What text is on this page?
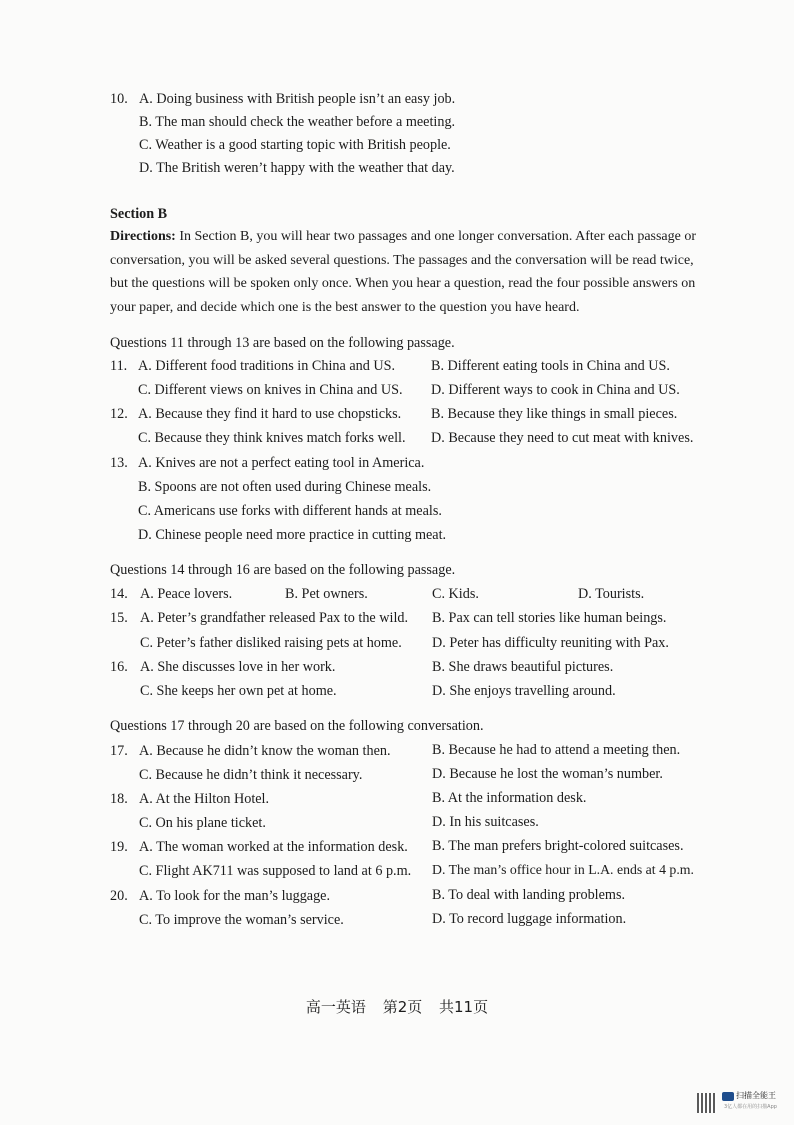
10. A. Doing business with British people isn’t an easy job.
B. The man should check the weather before a meeting.
C. Weather is a good starting topic with British people.
D. The British weren’t happy with the weather that day.
Section B
Directions: In Section B, you will hear two passages and one longer conversation. After each passage or conversation, you will be asked several questions. The passages and the conversation will be read twice, but the questions will be spoken only once. When you hear a question, read the four possible answers on your paper, and decide which one is the best answer to the question you have heard.
Questions 11 through 13 are based on the following passage.
11. A. Different food traditions in China and US.	B. Different eating tools in China and US.
C. Different views on knives in China and US. D. Different ways to cook in China and US.
12. A. Because they find it hard to use chopsticks. B. Because they like things in small pieces.
C. Because they think knives match forks well. D. Because they need to cut meat with knives.
13. A. Knives are not a perfect eating tool in America.
B. Spoons are not often used during Chinese meals.
C. Americans use forks with different hands at meals.
D. Chinese people need more practice in cutting meat.
Questions 14 through 16 are based on the following passage.
14. A. Peace lovers.	B. Pet owners.	C. Kids.	D. Tourists.
15. A. Peter’s grandfather released Pax to the wild. B. Pax can tell stories like human beings.
C. Peter’s father disliked raising pets at home. D. Peter has difficulty reuniting with Pax.
16. A. She discusses love in her work.	B. She draws beautiful pictures.
C. She keeps her own pet at home.	D. She enjoys travelling around.
Questions 17 through 20 are based on the following conversation.
17. A. Because he didn’t know the woman then.	B. Because he had to attend a meeting then.
C. Because he didn’t think it necessary.	D. Because he lost the woman’s number.
18. A. At the Hilton Hotel.	B. At the information desk.
C. On his plane ticket.	D. In his suitcases.
19. A. The woman worked at the information desk. B. The man prefers bright-colored suitcases.
C. Flight AK711 was supposed to land at 6 p.m. D. The man’s office hour in L.A. ends at 4 p.m.
20. A. To look for the man’s luggage.	B. To deal with landing problems.
C. To improve the woman’s service.	D. To record luggage information.
高一英语 第2页 共11页
扫描全能王
3亿人都在用的扫描App
